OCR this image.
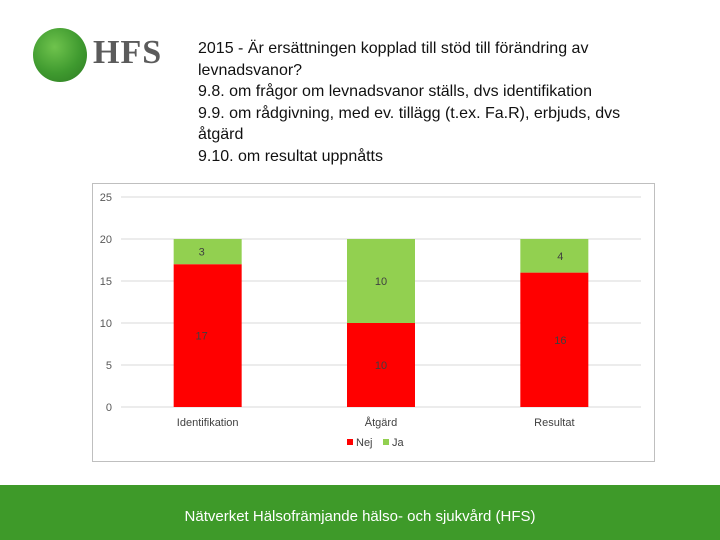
HFS 2015 - Är ersättningen kopplad till stöd till förändring av
levnadsvanor?
9.8. om frågor om levnadsvanor ställs, dvs identifikation
9.9. om rådgivning, med ev. tillägg (t.ex. Fa.R), erbjuds, dvs
åtgärd
9.10. om resultat uppnåtts
0
5
10
15
20
25
17
3
Identifikation
10
10
Åtgärd
16
4
Resultat
Nej Ja
Nätverket Hälsofrämjande hälso- och sjukvård (HFS)
